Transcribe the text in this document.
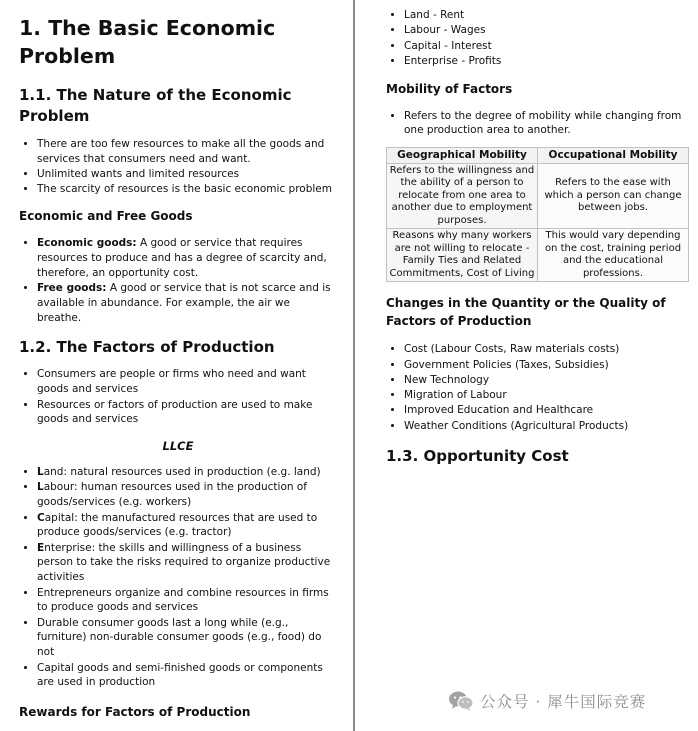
1. The Basic Economic
Problem
1.1. The Nature of the Economic
Problem
• There are too few resources to make all the goods and services that consumers need and want.
• Unlimited wants and limited resources
• The scarcity of resources is the basic economic problem
Economic and Free Goods
• Economic goods: A good or service that requires resources to produce and has a degree of scarcity and, therefore, an opportunity cost.
• Free goods: A good or service that is not scarce and is available in abundance. For example, the air we breathe.
1.2. The Factors of Production
• Consumers are people or firms who need and want goods and services
• Resources or factors of production are used to make goods and services
LLCE
• Land: natural resources used in production (e.g. land)
• Labour: human resources used in the production of goods/services (e.g. workers)
• Capital: the manufactured resources that are used to produce goods/services (e.g. tractor)
• Enterprise: the skills and willingness of a business person to take the risks required to organize productive activities
• Entrepreneurs organize and combine resources in firms to produce goods and services
• Durable consumer goods last a long while (e.g., furniture) non-durable consumer goods (e.g., food) do not
• Capital goods and semi-finished goods or components are used in production
Rewards for Factors of Production
• Land - Rent
• Labour - Wages
• Capital - Interest
• Enterprise - Profits
Mobility of Factors
• Refers to the degree of mobility while changing from one production area to another.
Geographical Mobility	Occupational Mobility
Refers to the willingness and the ability of a person to relocate from one area to another due to employment purposes.	Refers to the ease with which a person can change between jobs.
Reasons why many workers are not willing to relocate - Family Ties and Related Commitments, Cost of Living	This would vary depending on the cost, training period and the educational professions.
Changes in the Quantity or the Quality of Factors of Production
• Cost (Labour Costs, Raw materials costs)
• Government Policies (Taxes, Subsidies)
• New Technology
• Migration of Labour
• Improved Education and Healthcare
• Weather Conditions (Agricultural Products)
1.3. Opportunity Cost
公众号 · 犀牛国际竞赛
